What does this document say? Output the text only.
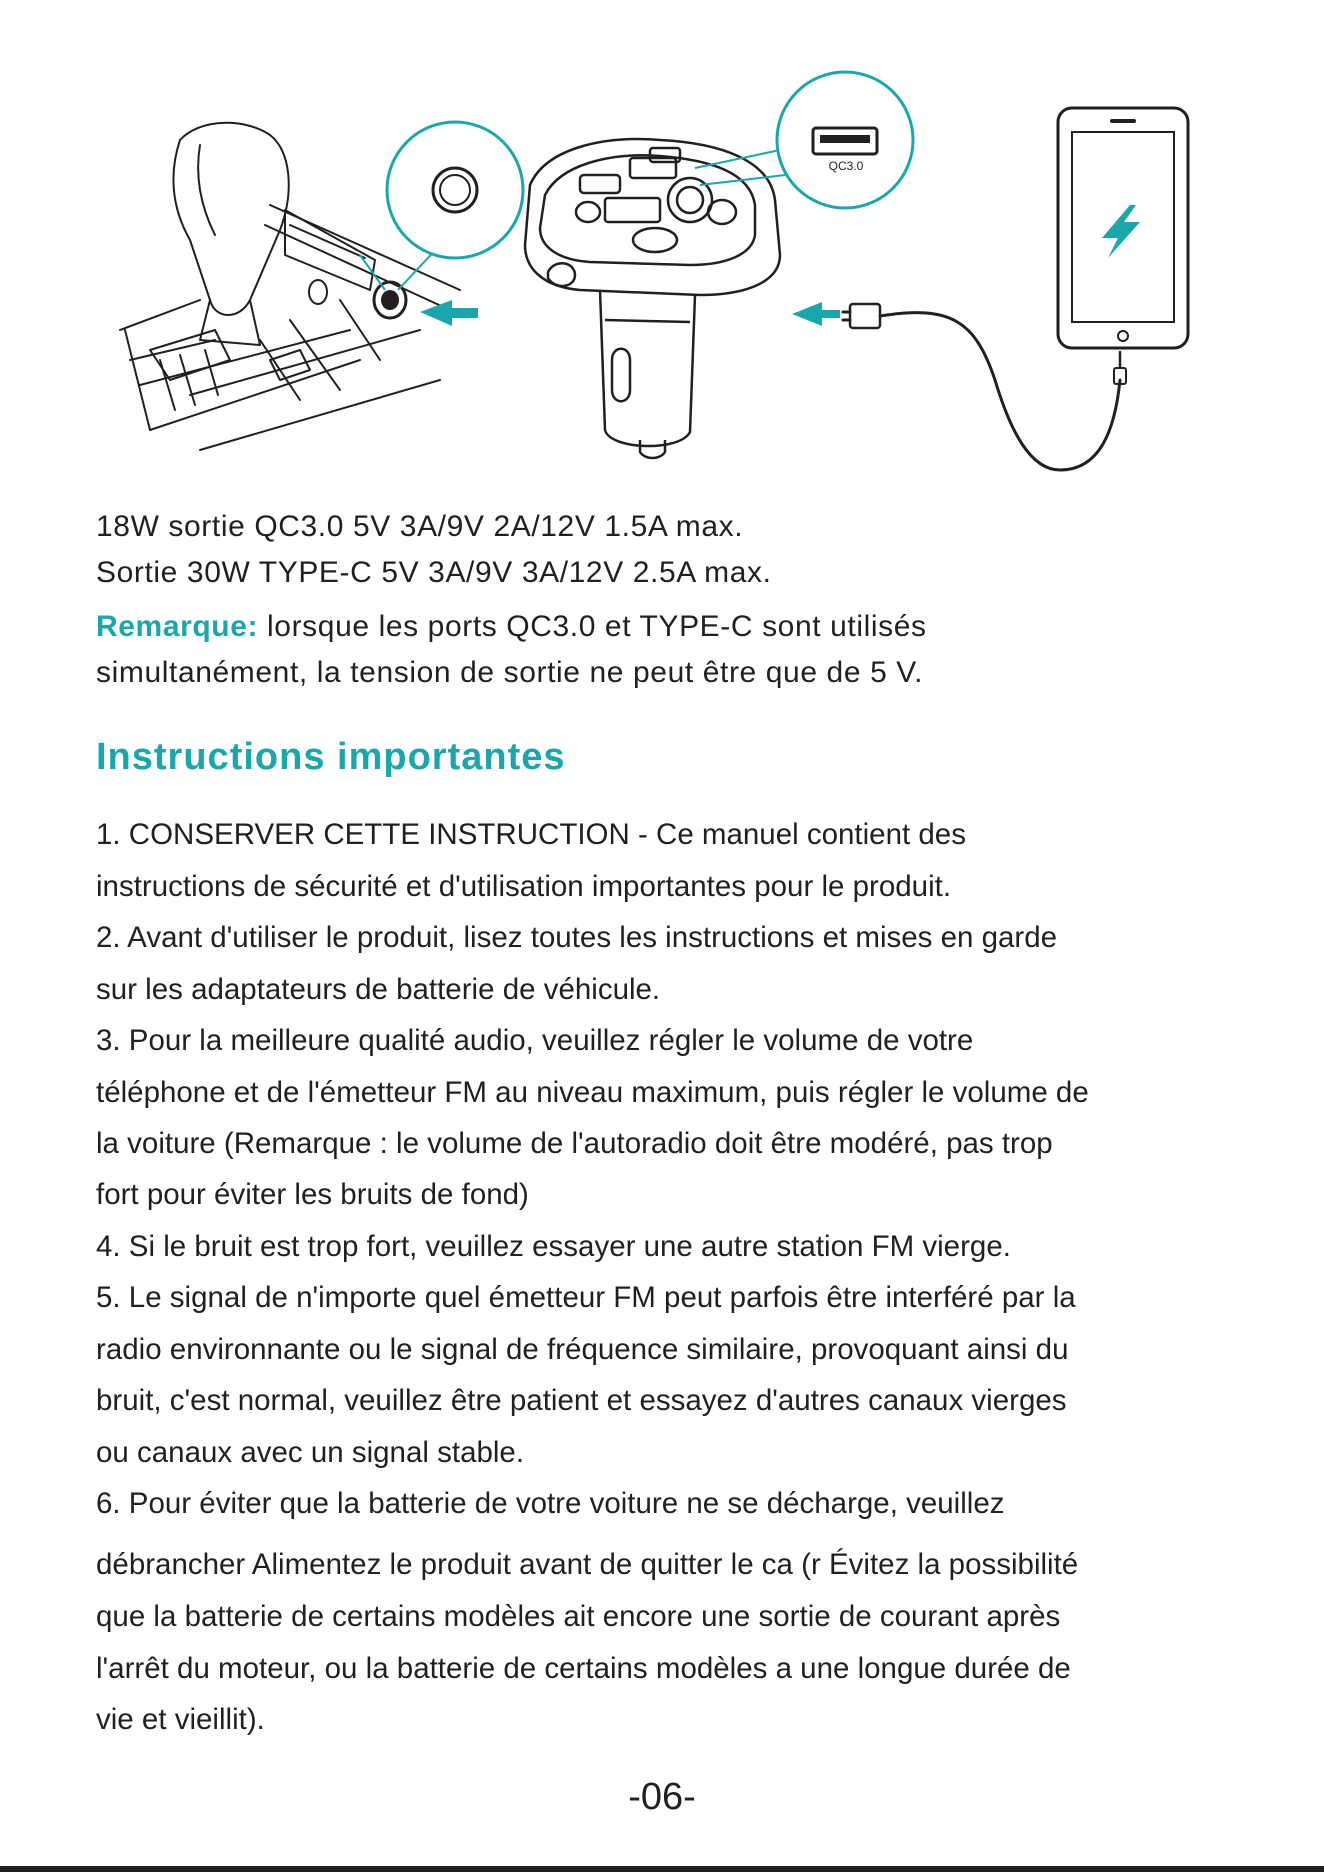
QC3.0
18W sortie QC3.0 5V 3A/9V 2A/12V 1.5A max.
Sortie 30W TYPE-C 5V 3A/9V 3A/12V 2.5A max.
Remarque: lorsque les ports QC3.0 et TYPE-C sont utilisés
simultanément, la tension de sortie ne peut être que de 5 V.
Instructions importantes
1. CONSERVER CETTE INSTRUCTION - Ce manuel contient des
instructions de sécurité et d'utilisation importantes pour le produit.
2. Avant d'utiliser le produit, lisez toutes les instructions et mises en garde
sur les adaptateurs de batterie de véhicule.
3. Pour la meilleure qualité audio, veuillez régler le volume de votre
téléphone et de l'émetteur FM au niveau maximum, puis régler le volume de
la voiture (Remarque : le volume de l'autoradio doit être modéré, pas trop
fort pour éviter les bruits de fond)
4. Si le bruit est trop fort, veuillez essayer une autre station FM vierge.
5. Le signal de n'importe quel émetteur FM peut parfois être interféré par la
radio environnante ou le signal de fréquence similaire, provoquant ainsi du
bruit, c'est normal, veuillez être patient et essayez d'autres canaux vierges
ou canaux avec un signal stable.
6. Pour éviter que la batterie de votre voiture ne se décharge, veuillez
débrancher Alimentez le produit avant de quitter le ca (r Évitez la possibilité
que la batterie de certains modèles ait encore une sortie de courant après
l'arrêt du moteur, ou la batterie de certains modèles a une longue durée de
vie et vieillit).
-06-
